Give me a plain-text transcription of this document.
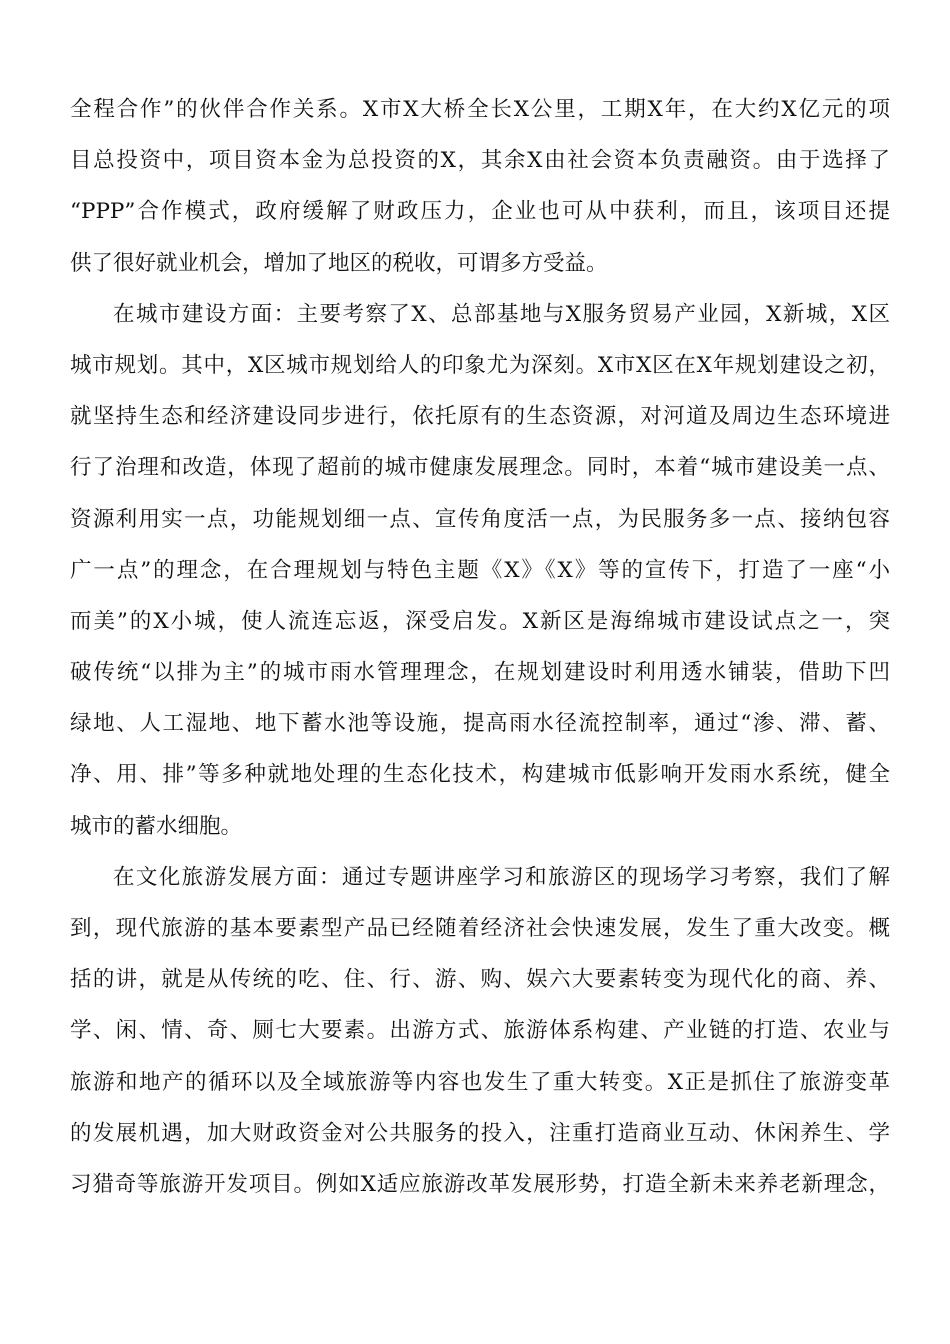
全程合作”的伙伴合作关系。X市X大桥全长X公里，工期X年，在大约X亿元的项
目总投资中，项目资本金为总投资的X，其余X由社会资本负责融资。由于选择了
“PPP”合作模式，政府缓解了财政压力，企业也可从中获利，而且，该项目还提
供了很好就业机会，增加了地区的税收，可谓多方受益。
在城市建设方面：主要考察了X、总部基地与X服务贸易产业园，X新城，X区
城市规划。其中，X区城市规划给人的印象尤为深刻。X市X区在X年规划建设之初，
就坚持生态和经济建设同步进行，依托原有的生态资源，对河道及周边生态环境进
行了治理和改造，体现了超前的城市健康发展理念。同时，本着“城市建设美一点、
资源利用实一点，功能规划细一点、宣传角度活一点，为民服务多一点、接纳包容
广一点”的理念，在合理规划与特色主题《X》《X》等的宣传下，打造了一座“小
而美”的X小城，使人流连忘返，深受启发。X新区是海绵城市建设试点之一，突
破传统“以排为主”的城市雨水管理理念，在规划建设时利用透水铺装，借助下凹
绿地、人工湿地、地下蓄水池等设施，提高雨水径流控制率，通过“渗、滞、蓄、
净、用、排”等多种就地处理的生态化技术，构建城市低影响开发雨水系统，健全
城市的蓄水细胞。
在文化旅游发展方面：通过专题讲座学习和旅游区的现场学习考察，我们了解
到，现代旅游的基本要素型产品已经随着经济社会快速发展，发生了重大改变。概
括的讲，就是从传统的吃、住、行、游、购、娱六大要素转变为现代化的商、养、
学、闲、情、奇、厕七大要素。出游方式、旅游体系构建、产业链的打造、农业与
旅游和地产的循环以及全域旅游等内容也发生了重大转变。X正是抓住了旅游变革
的发展机遇，加大财政资金对公共服务的投入，注重打造商业互动、休闲养生、学
习猎奇等旅游开发项目。例如X适应旅游改革发展形势，打造全新未来养老新理念，
